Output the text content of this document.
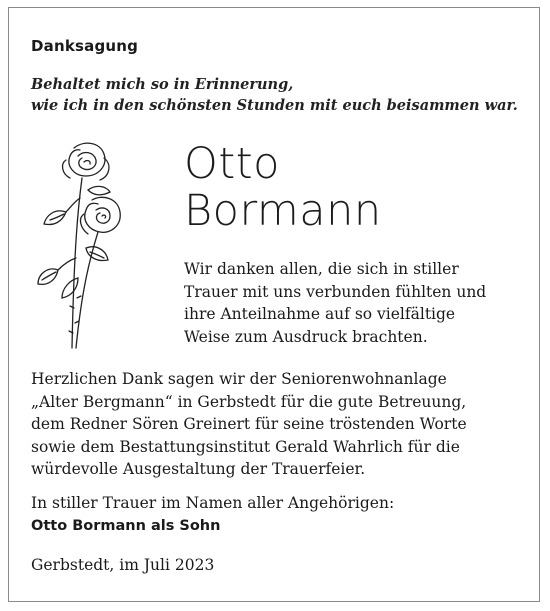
Danksagung
Behaltet mich so in Erinnerung,
wie ich in den schönsten Stunden mit euch beisammen war.
Otto
Bormann
Wir danken allen, die sich in stiller
Trauer mit uns verbunden fühlten und
ihre Anteilnahme auf so vielfältige
Weise zum Ausdruck brachten.
Herzlichen Dank sagen wir der Seniorenwohnanlage
„Alter Bergmann“ in Gerbstedt für die gute Betreuung,
dem Redner Sören Greinert für seine tröstenden Worte
sowie dem Bestattungsinstitut Gerald Wahrlich für die
würdevolle Ausgestaltung der Trauerfeier.
In stiller Trauer im Namen aller Angehörigen:
Otto Bormann als Sohn
Gerbstedt, im Juli 2023
